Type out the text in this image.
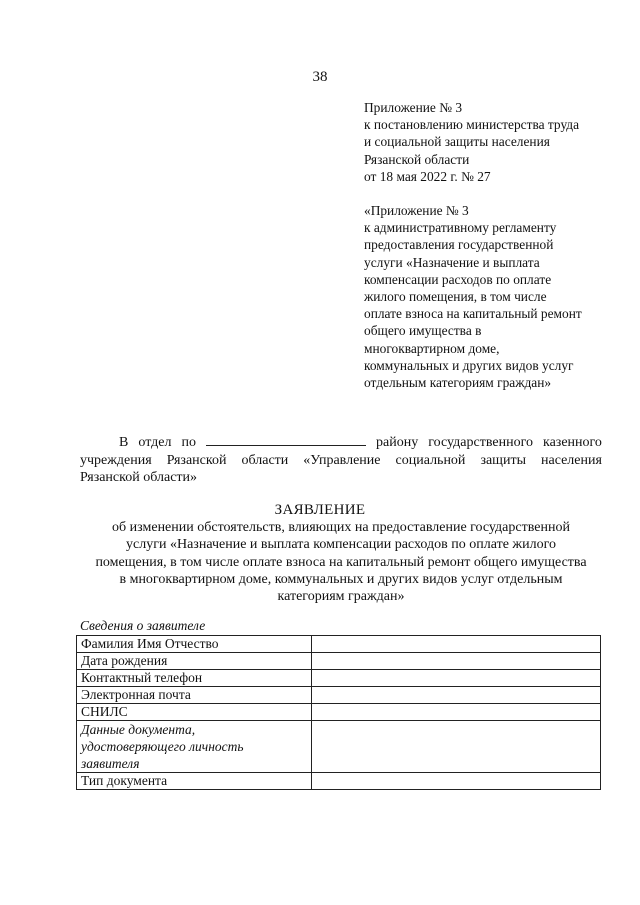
38
Приложение № 3
к постановлению министерства труда
и социальной защиты населения
Рязанской области
от 18 мая 2022 г. № 27
«Приложение № 3
к административному регламенту
предоставления государственной
услуги «Назначение и выплата
компенсации расходов по оплате
жилого помещения, в том числе
оплате взноса на капитальный ремонт
общего имущества в
многоквартирном доме,
коммунальных и других видов услуг
отдельным категориям граждан»
В отдел по	району государственного казенного
учреждения Рязанской области «Управление социальной защиты населения
Рязанской области»
ЗАЯВЛЕНИЕ
об изменении обстоятельств, влияющих на предоставление государственной
услуги «Назначение и выплата компенсации расходов по оплате жилого
помещения, в том числе оплате взноса на капитальный ремонт общего имущества
в многоквартирном доме, коммунальных и других видов услуг отдельным
категориям граждан»
Сведения о заявителе
Фамилия Имя Отчество	
Дата рождения	
Контактный телефон	
Электронная почта	
СНИЛС	

Данные документа,
удостоверяющего личность
заявителя	

Тип документа	
